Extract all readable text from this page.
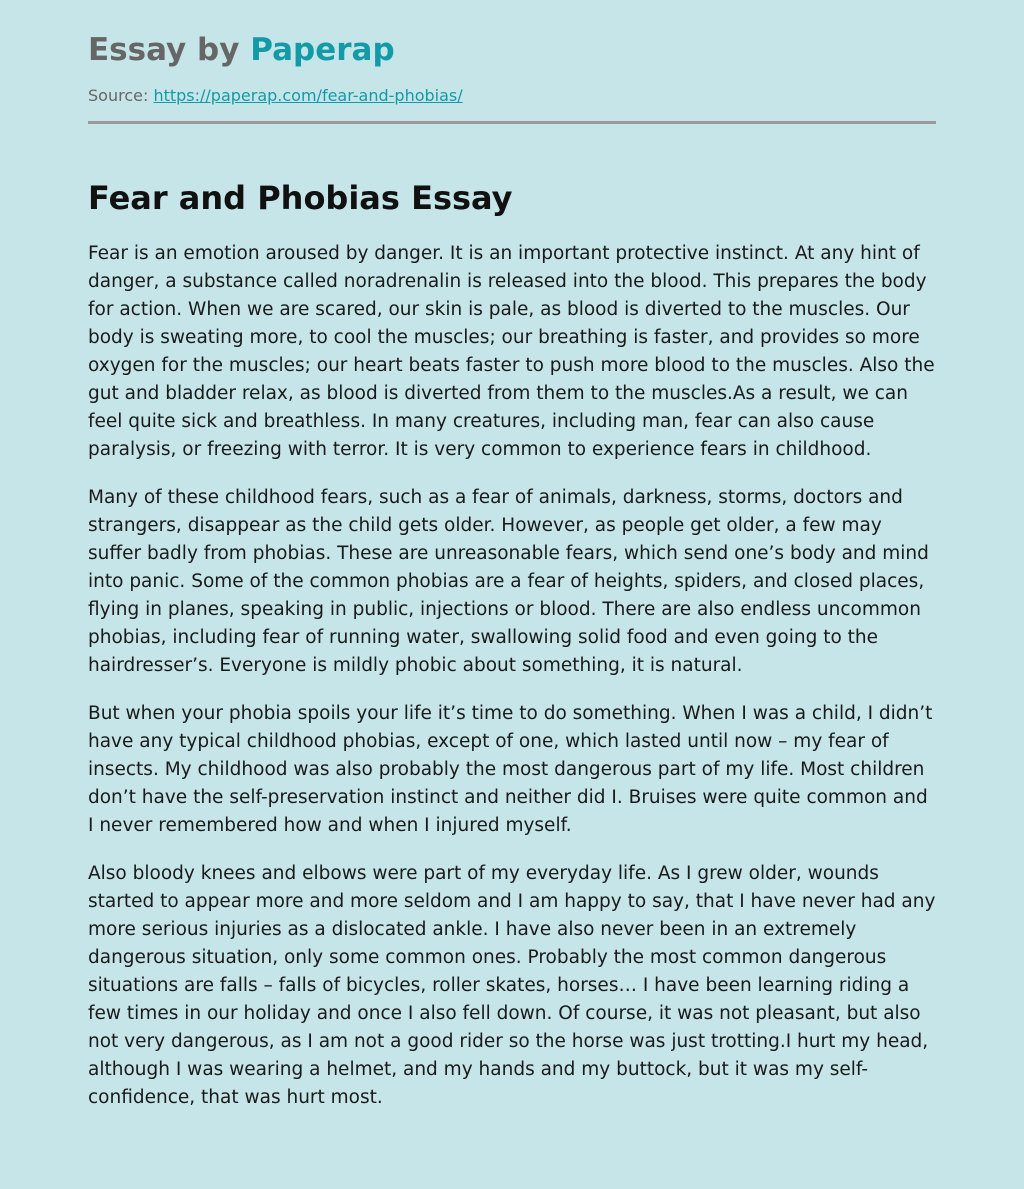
Essay by Paperap
Source: https://paperap.com/fear-and-phobias/
Fear and Phobias Essay

Fear is an emotion aroused by danger. It is an important protective instinct. At any hint of danger, a substance called noradrenalin is released into the blood. This prepares the body for action. When we are scared, our skin is pale, as blood is diverted to the muscles. Our body is sweating more, to cool the muscles; our breathing is faster, and provides so more oxygen for the muscles; our heart beats faster to push more blood to the muscles. Also the gut and bladder relax, as blood is diverted from them to the muscles.As a result, we can feel quite sick and breathless. In many creatures, including man, fear can also cause paralysis, or freezing with terror. It is very common to experience fears in childhood.

Many of these childhood fears, such as a fear of animals, darkness, storms, doctors and strangers, disappear as the child gets older. However, as people get older, a few may suffer badly from phobias. These are unreasonable fears, which send one’s body and mind into panic. Some of the common phobias are a fear of heights, spiders, and closed places, flying in planes, speaking in public, injections or blood. There are also endless uncommon phobias, including fear of running water, swallowing solid food and even going to the hairdresser’s. Everyone is mildly phobic about something, it is natural.

But when your phobia spoils your life it’s time to do something. When I was a child, I didn’t have any typical childhood phobias, except of one, which lasted until now – my fear of insects. My childhood was also probably the most dangerous part of my life. Most children don’t have the self-preservation instinct and neither did I. Bruises were quite common and I never remembered how and when I injured myself.

Also bloody knees and elbows were part of my everyday life. As I grew older, wounds started to appear more and more seldom and I am happy to say, that I have never had any more serious injuries as a dislocated ankle. I have also never been in an extremely dangerous situation, only some common ones. Probably the most common dangerous situations are falls – falls of bicycles, roller skates, horses… I have been learning riding a few times in our holiday and once I also fell down. Of course, it was not pleasant, but also not very dangerous, as I am not a good rider so the horse was just trotting.I hurt my head, although I was wearing a helmet, and my hands and my buttock, but it was my self-confidence, that was hurt most.
